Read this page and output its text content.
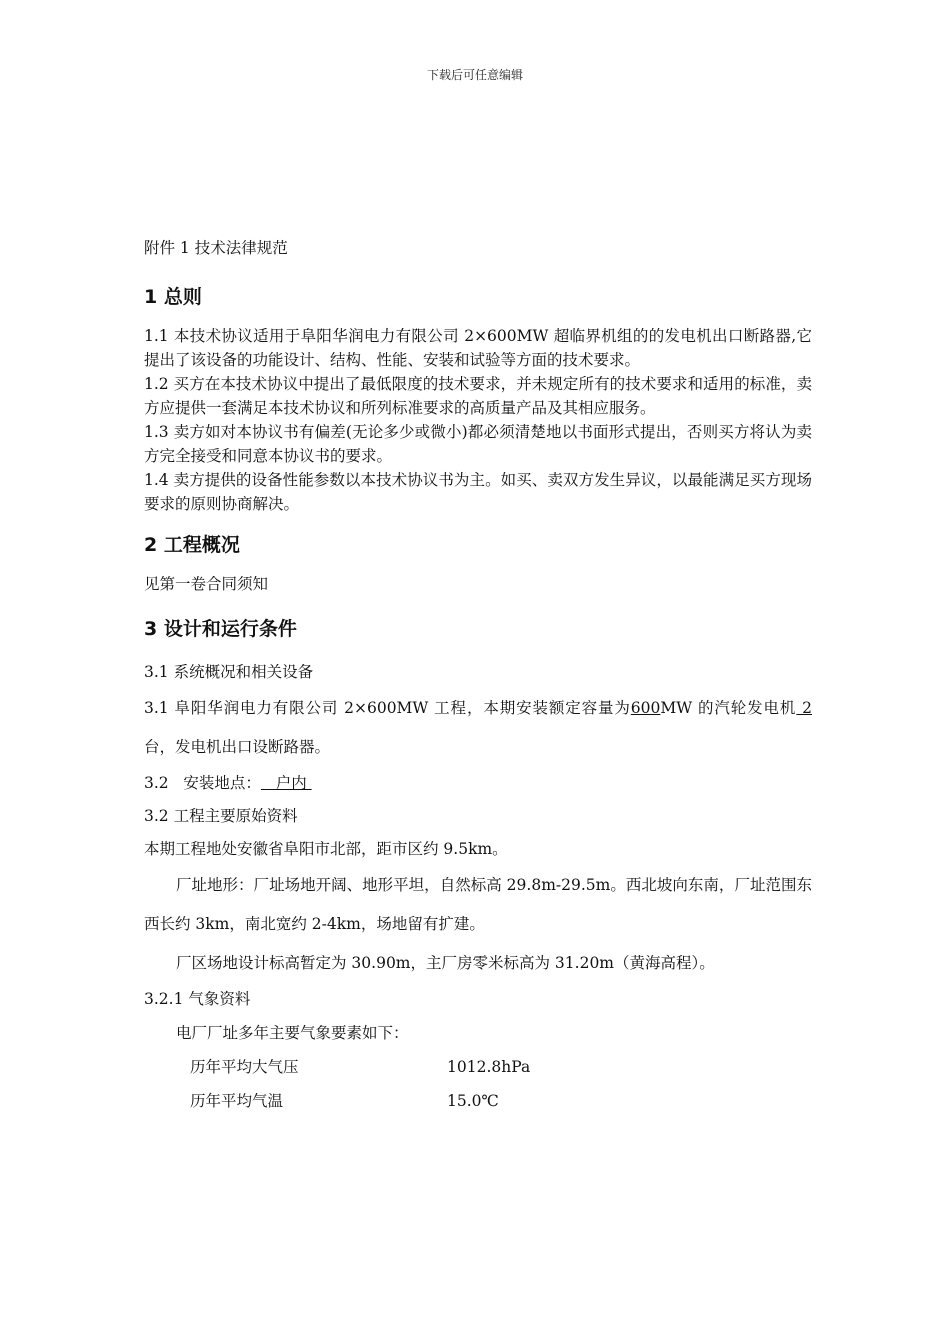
下载后可任意编辑

附件 1 技术法律规范

1 总则

1.1 本技术协议适用于阜阳华润电力有限公司 2×600MW 超临界机组的的发电机出口断路器,它提出了该设备的功能设计、结构、性能、安装和试验等方面的技术要求。

1.2 买方在本技术协议中提出了最低限度的技术要求，并未规定所有的技术要求和适用的标准，卖方应提供一套满足本技术协议和所列标准要求的高质量产品及其相应服务。

1.3 卖方如对本协议书有偏差(无论多少或微小)都必须清楚地以书面形式提出，否则买方将认为卖方完全接受和同意本协议书的要求。

1.4 卖方提供的设备性能参数以本技术协议书为主。如买、卖双方发生异议，以最能满足买方现场要求的原则协商解决。

2 工程概况

见第一卷合同须知

3 设计和运行条件

3.1 系统概况和相关设备

3.1 阜阳华润电力有限公司 2×600MW 工程，本期安装额定容量为600MW 的汽轮发电机 2 台，发电机出口设断路器。

3.2   安装地点：   户内

3.2 工程主要原始资料

本期工程地处安徽省阜阳市北部，距市区约 9.5km。

厂址地形：厂址场地开阔、地形平坦，自然标高 29.8m-29.5m。西北坡向东南，厂址范围东西长约 3km，南北宽约 2-4km，场地留有扩建。

厂区场地设计标高暂定为 30.90m，主厂房零米标高为 31.20m（黄海高程）。

3.2.1 气象资料

电厂厂址多年主要气象要素如下：
历年平均大气压	1012.8hPa
历年平均气温	15.0℃
